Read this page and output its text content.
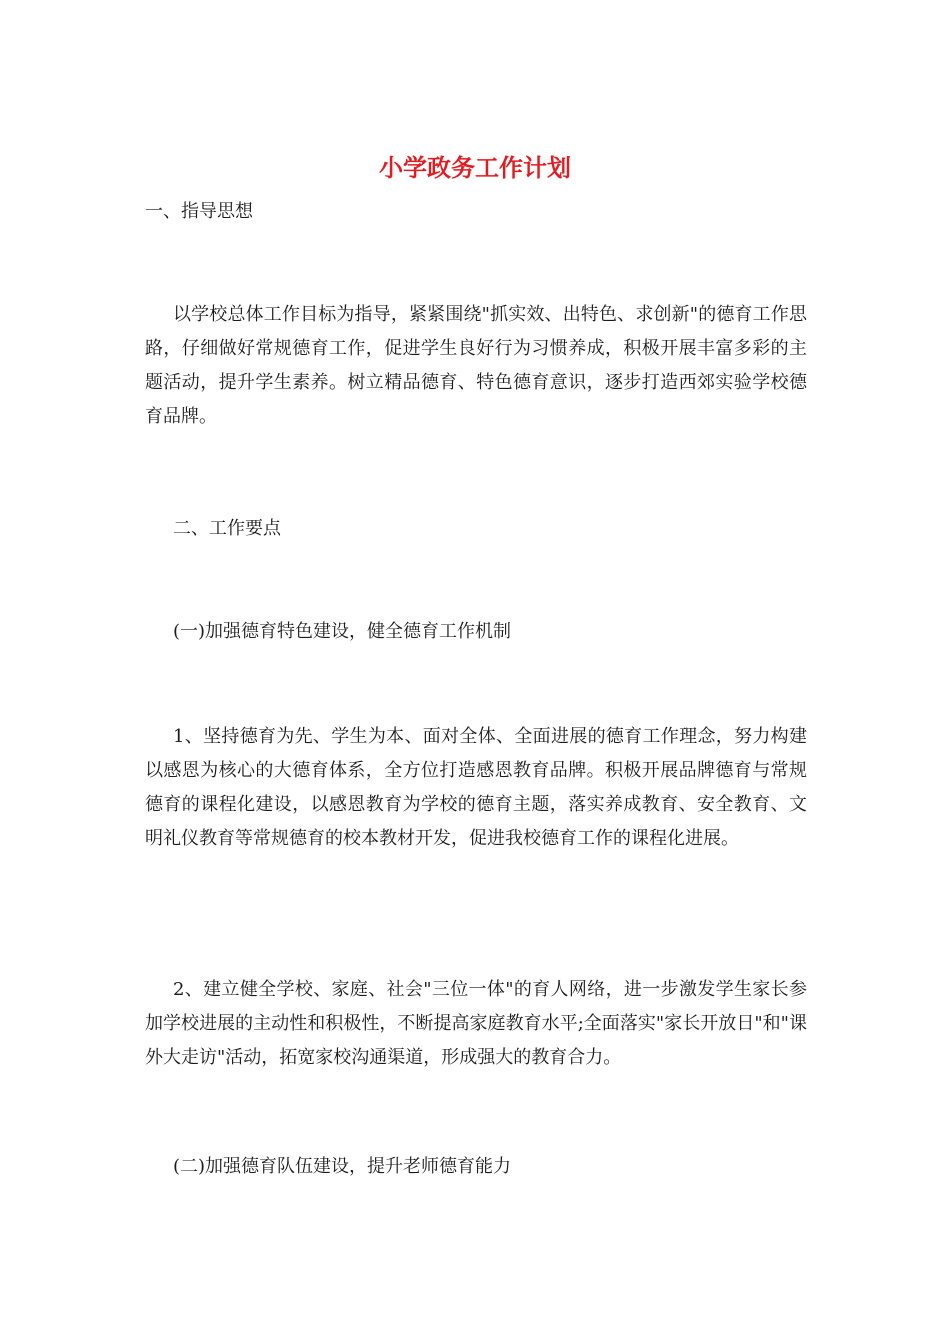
小学政务工作计划

一、指导思想

以学校总体工作目标为指导，紧紧围绕"抓实效、出特色、求创新"的德育工作思路，仔细做好常规德育工作，促进学生良好行为习惯养成，积极开展丰富多彩的主题活动，提升学生素养。树立精品德育、特色德育意识，逐步打造西郊实验学校德育品牌。

二、工作要点

(一)加强德育特色建设，健全德育工作机制

1、坚持德育为先、学生为本、面对全体、全面进展的德育工作理念，努力构建以感恩为核心的大德育体系，全方位打造感恩教育品牌。积极开展品牌德育与常规德育的课程化建设，以感恩教育为学校的德育主题，落实养成教育、安全教育、文明礼仪教育等常规德育的校本教材开发，促进我校德育工作的课程化进展。

2、建立健全学校、家庭、社会"三位一体"的育人网络，进一步激发学生家长参加学校进展的主动性和积极性，不断提高家庭教育水平;全面落实"家长开放日"和"课外大走访"活动，拓宽家校沟通渠道，形成强大的教育合力。

(二)加强德育队伍建设，提升老师德育能力
